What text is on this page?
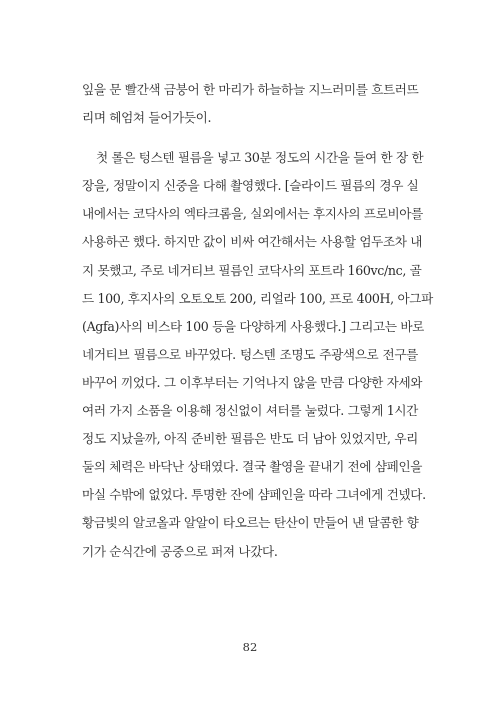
잎을 문 빨간색 금붕어 한 마리가 하늘하늘 지느러미를 흐트러뜨
리며 헤엄쳐 들어가듯이.
첫 롤은 텅스텐 필름을 넣고 30분 정도의 시간을 들여 한 장 한
장을, 정말이지 신중을 다해 촬영했다. [슬라이드 필름의 경우 실
내에서는 코닥사의 엑타크롬을, 실외에서는 후지사의 프로비아를
사용하곤 했다. 하지만 값이 비싸 여간해서는 사용할 엄두조차 내
지 못했고, 주로 네거티브 필름인 코닥사의 포트라 160vc/nc, 골
드 100, 후지사의 오토오토 200, 리얼라 100, 프로 400H, 아그파
(Agfa)사의 비스타 100 등을 다양하게 사용했다.] 그리고는 바로
네거티브 필름으로 바꾸었다. 텅스텐 조명도 주광색으로 전구를
바꾸어 끼었다. 그 이후부터는 기억나지 않을 만큼 다양한 자세와
여러 가지 소품을 이용해 정신없이 셔터를 눌렀다. 그렇게 1시간
정도 지났을까, 아직 준비한 필름은 반도 더 남아 있었지만, 우리
둘의 체력은 바닥난 상태였다. 결국 촬영을 끝내기 전에 샴페인을
마실 수밖에 없었다. 투명한 잔에 샴페인을 따라 그녀에게 건넸다.
황금빛의 알코올과 알알이 타오르는 탄산이 만들어 낸 달콤한 향
기가 순식간에 공중으로 퍼져 나갔다.
82
